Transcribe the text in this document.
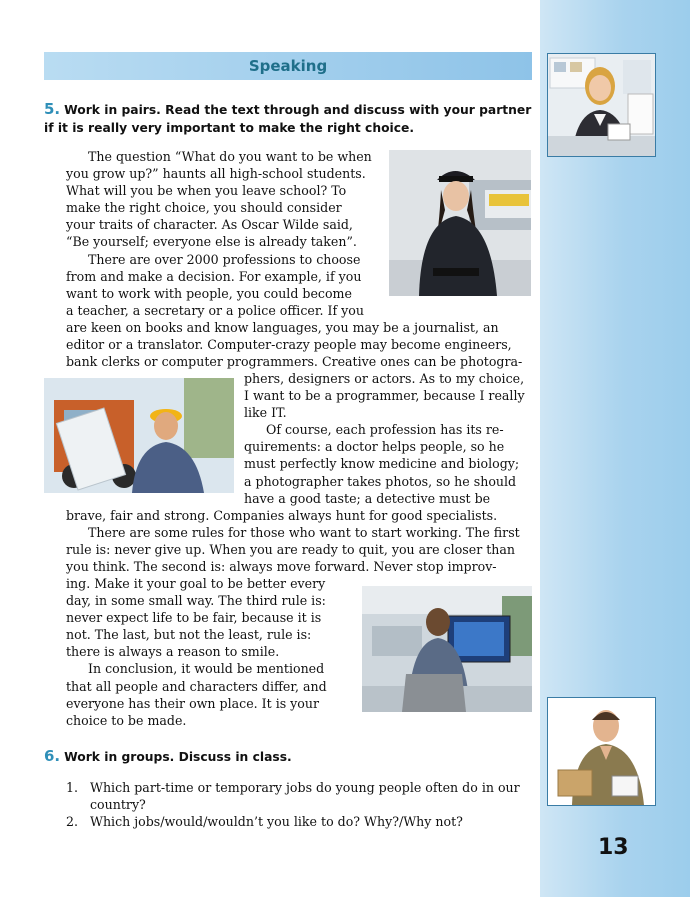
Speaking
5. Work in pairs. Read the text through and discuss with your partner if it is really very important to make the right choice.
The question “What do you want to be when
you grow up?” haunts all high-school students.
What will you be when you leave school? To
make the right choice, you should consider
your traits of character. As Oscar Wilde said,
“Be yourself; everyone else is already taken”.
There are over 2000 professions to choose
from and make a decision. For example, if you
want to work with people, you could become
a teacher, a secretary or a police officer. If you
are keen on books and know languages, you may be a journalist, an
editor or a translator. Computer-crazy people may become engineers,
bank clerks or computer programmers. Creative ones can be photogra-
phers, designers or actors. As to my choice,
I want to be a programmer, because I really
like IT.
Of course, each profession has its re-
quirements: a doctor helps people, so he
must perfectly know medicine and biology;
a photographer takes photos, so he should
have a good taste; a detective must be
brave, fair and strong. Companies always hunt for good specialists.
There are some rules for those who want to start working. The first
rule is: never give up. When you are ready to quit, you are closer than
you think. The second is: always move forward. Never stop improv-
ing. Make it your goal to be better every
day, in some small way. The third rule is:
never expect life to be fair, because it is
not. The last, but not the least, rule is:
there is always a reason to smile.
In conclusion, it would be mentioned
that all people and characters differ, and
everyone has their own place. It is your
choice to be made.
6. Work in groups. Discuss in class.
1. Which part-time or temporary jobs do young people often do in our country?
2. Which jobs/would/wouldn’t you like to do? Why?/Why not?
13
